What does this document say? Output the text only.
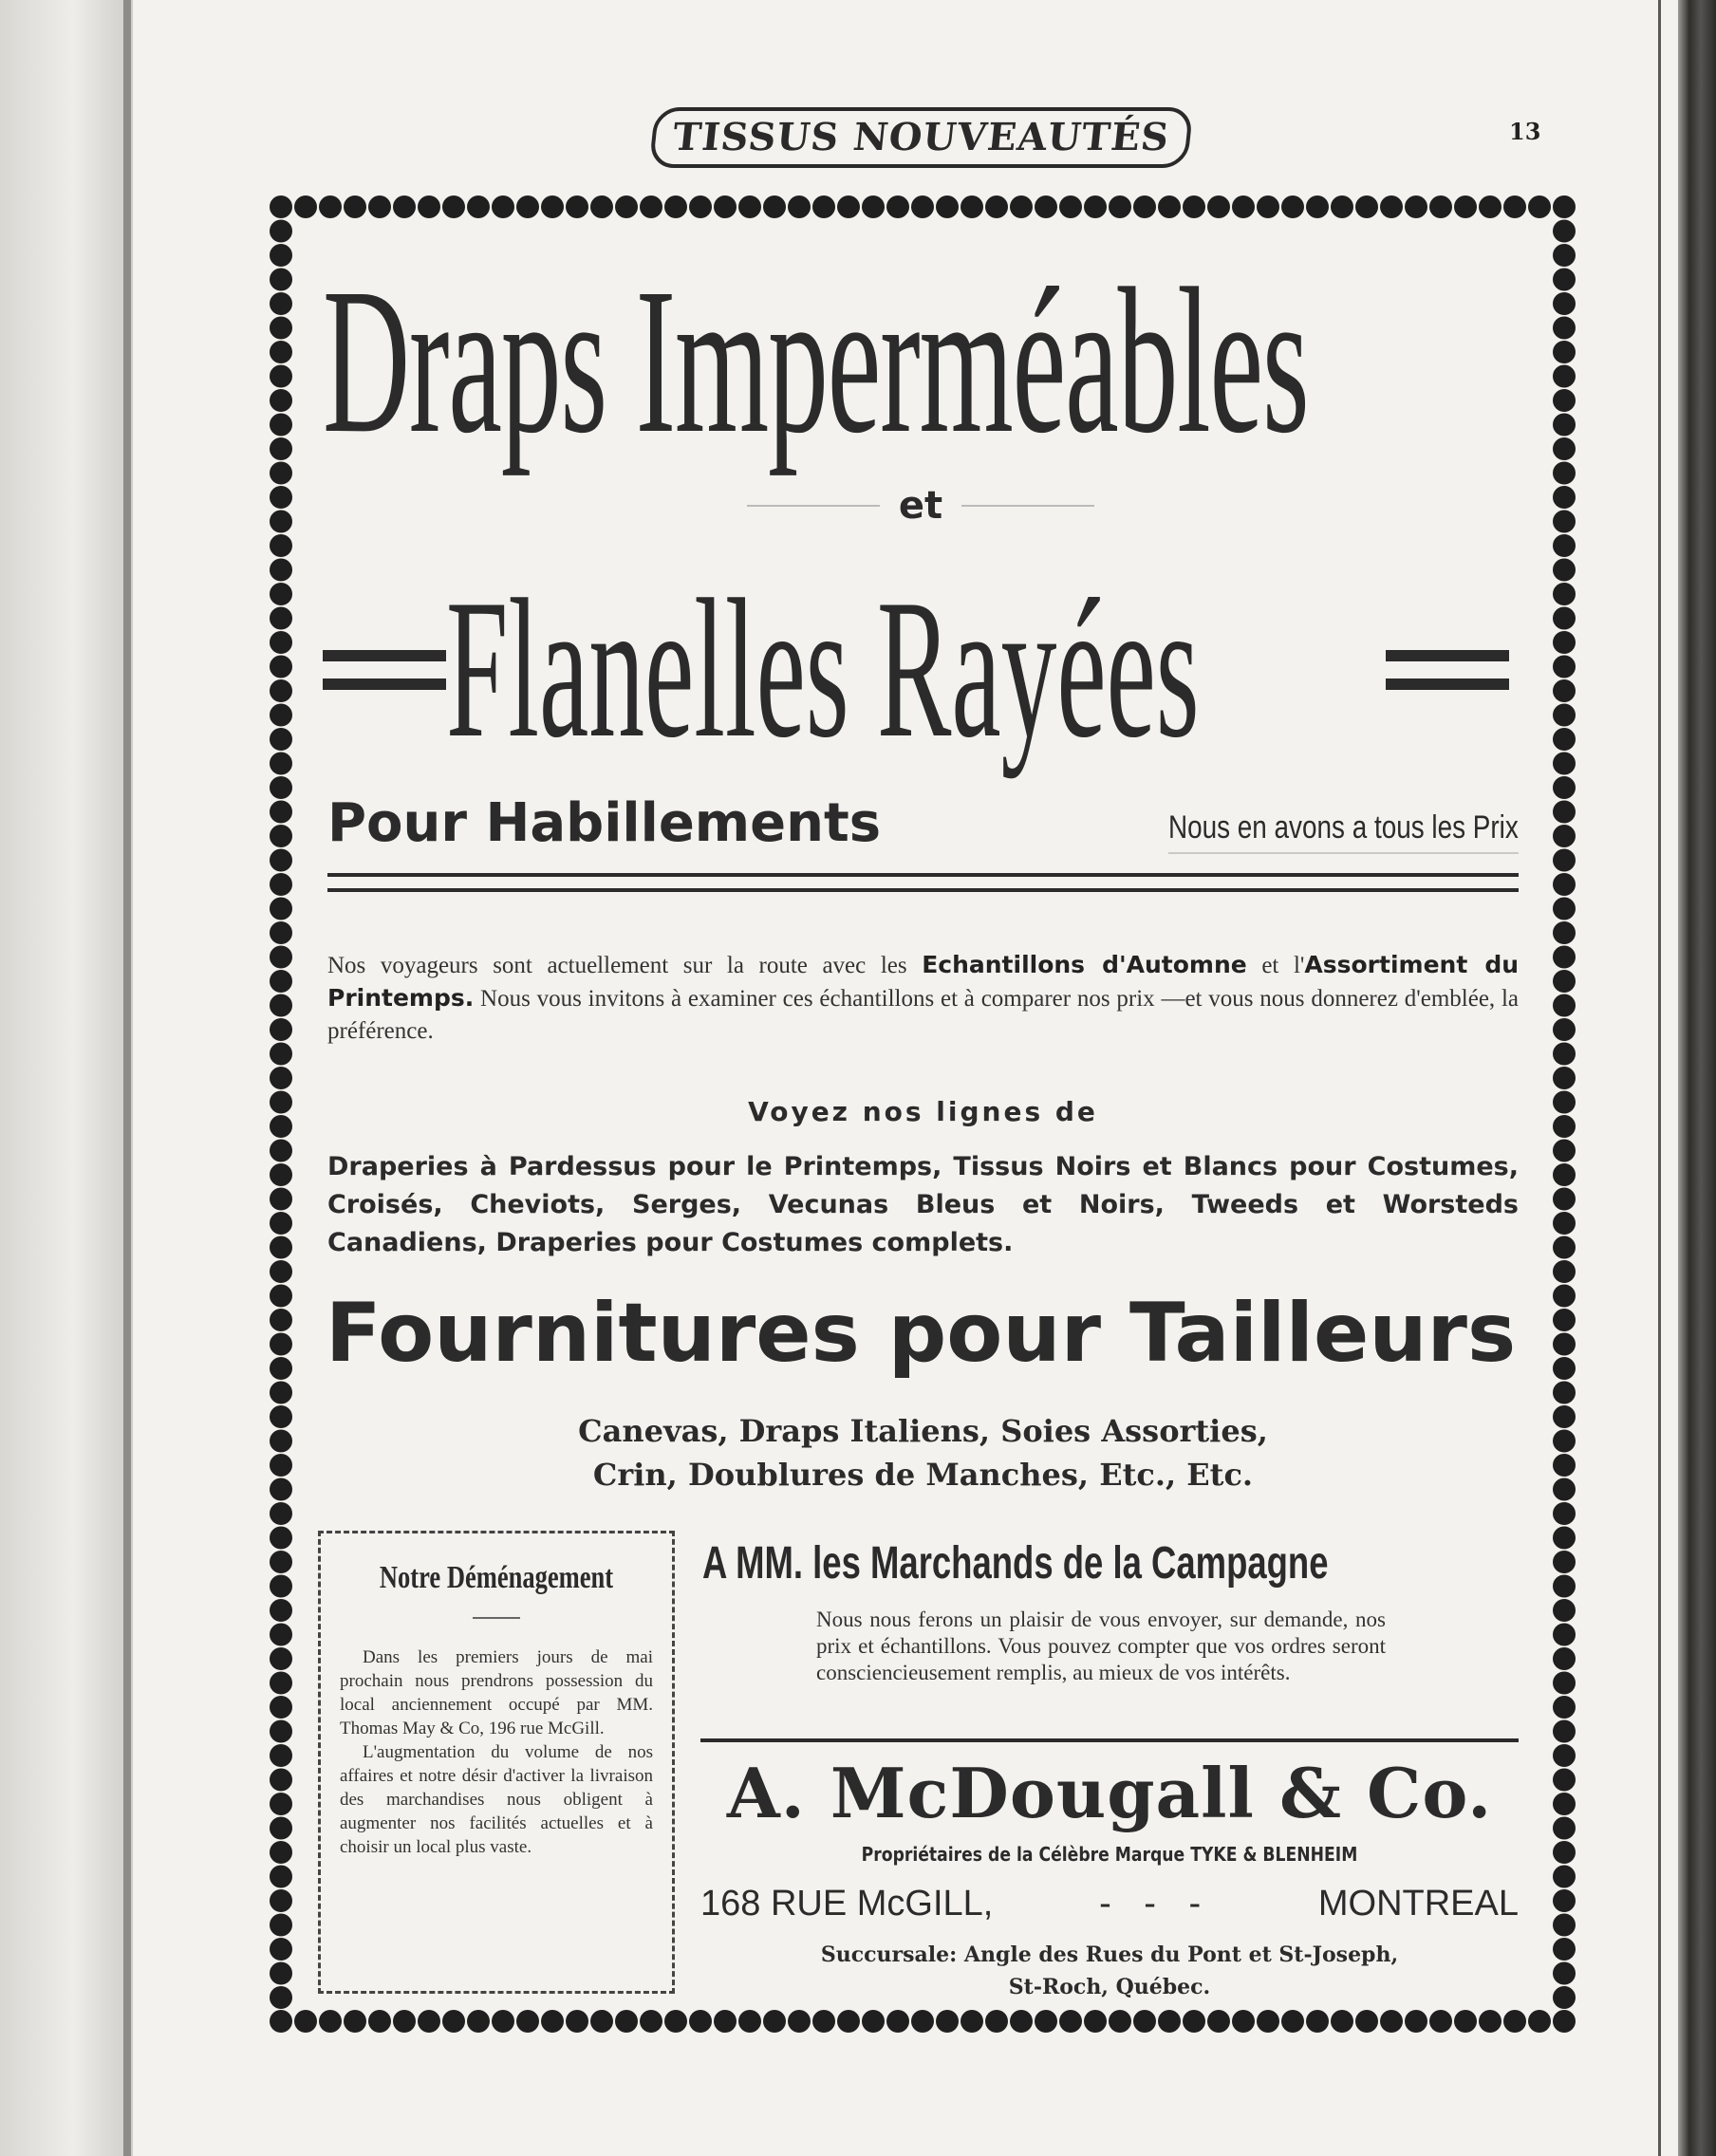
TISSUS NOUVEAUTÉS	13
Draps Imperméables
et
Flanelles Rayées
Pour Habillements	Nous en avons a tous les Prix
Nos voyageurs sont actuellement sur la route avec les Echantillons d'Automne et l'Assortiment du Printemps. Nous vous invitons à examiner ces échantillons et à comparer nos prix —et vous nous donnerez d'emblée, la préférence.
Voyez nos lignes de
Draperies à Pardessus pour le Printemps, Tissus Noirs et Blancs pour Costumes, Croisés, Cheviots, Serges, Vecunas Bleus et Noirs, Tweeds et Worsteds Canadiens, Draperies pour Costumes complets.
Fournitures pour Tailleurs
Canevas, Draps Italiens, Soies Assorties,
Crin, Doublures de Manches, Etc., Etc.
Notre Déménagement
Dans les premiers jours de mai prochain nous prendrons possession du local anciennement occupé par MM. Thomas May & Co, 196 rue McGill.
L'augmentation du volume de nos affaires et notre désir d'activer la livraison des marchandises nous obligent à augmenter nos facilités actuelles et à choisir un local plus vaste.
A MM. les Marchands de la Campagne
Nous nous ferons un plaisir de vous envoyer, sur demande, nos prix et échantillons. Vous pouvez compter que vos ordres seront consciencieusement remplis, au mieux de vos intérêts.
A. McDougall & Co.
Propriétaires de la Célèbre Marque TYKE & BLENHEIM
168 RUE McGILL,	- - -	MONTREAL
Succursale: Angle des Rues du Pont et St-Joseph,
St-Roch, Québec.
